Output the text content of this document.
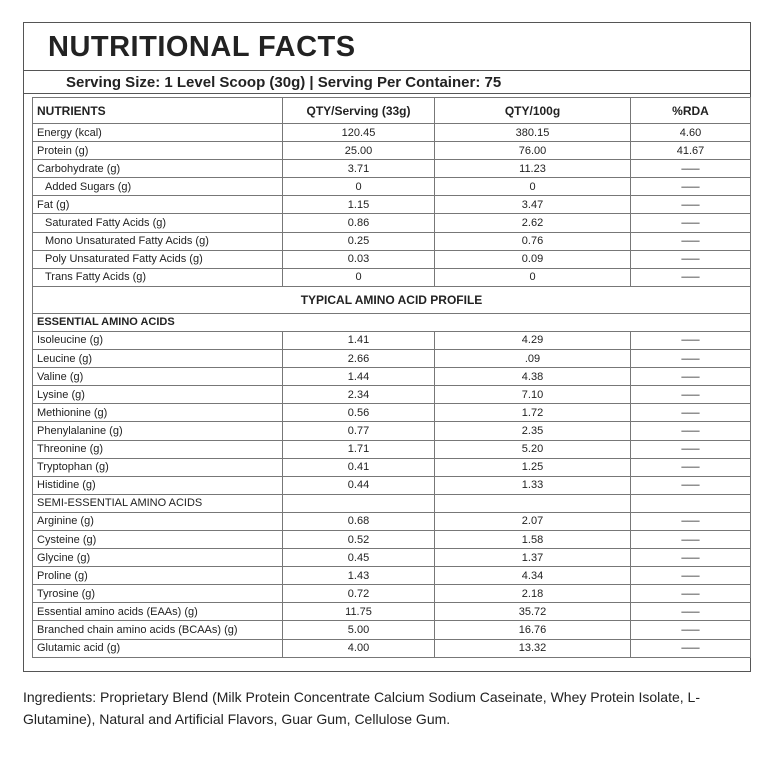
NUTRITIONAL FACTS
Serving Size: 1 Level Scoop (30g) | Serving Per Container: 75
NUTRIENTS	QTY/Serving (33g)	QTY/100g	%RDA
Energy (kcal)	120.45	380.15	4.60
Protein (g)	25.00	76.00	41.67
Carbohydrate (g)	3.71	11.23	–––
Added Sugars (g)	0	0	–––
Fat (g)	1.15	3.47	–––
Saturated Fatty Acids (g)	0.86	2.62	–––
Mono Unsaturated Fatty Acids (g)	0.25	0.76	–––
Poly Unsaturated Fatty Acids (g)	0.03	0.09	–––
Trans Fatty Acids (g)	0	0	–––
TYPICAL AMINO ACID PROFILE			
ESSENTIAL AMINO ACIDS			
Isoleucine (g)	1.41	4.29	–––
Leucine (g)	2.66	.09	–––
Valine (g)	1.44	4.38	–––
Lysine (g)	2.34	7.10	–––
Methionine (g)	0.56	1.72	–––
Phenylalanine (g)	0.77	2.35	–––
Threonine (g)	1.71	5.20	–––
Tryptophan (g)	0.41	1.25	–––
Histidine (g)	0.44	1.33	–––
SEMI-ESSENTIAL AMINO ACIDS			
Arginine (g)	0.68	2.07	–––
Cysteine (g)	0.52	1.58	–––
Glycine (g)	0.45	1.37	–––
Proline (g)	1.43	4.34	–––
Tyrosine (g)	0.72	2.18	–––
Essential amino acids (EAAs) (g)	11.75	35.72	–––
Branched chain amino acids (BCAAs) (g)	5.00	16.76	–––
Glutamic acid (g)	4.00	13.32	–––
Ingredients: Proprietary Blend (Milk Protein Concentrate Calcium Sodium Caseinate, Whey Protein Isolate, L-Glutamine), Natural and Artificial Flavors, Guar Gum, Cellulose Gum.
